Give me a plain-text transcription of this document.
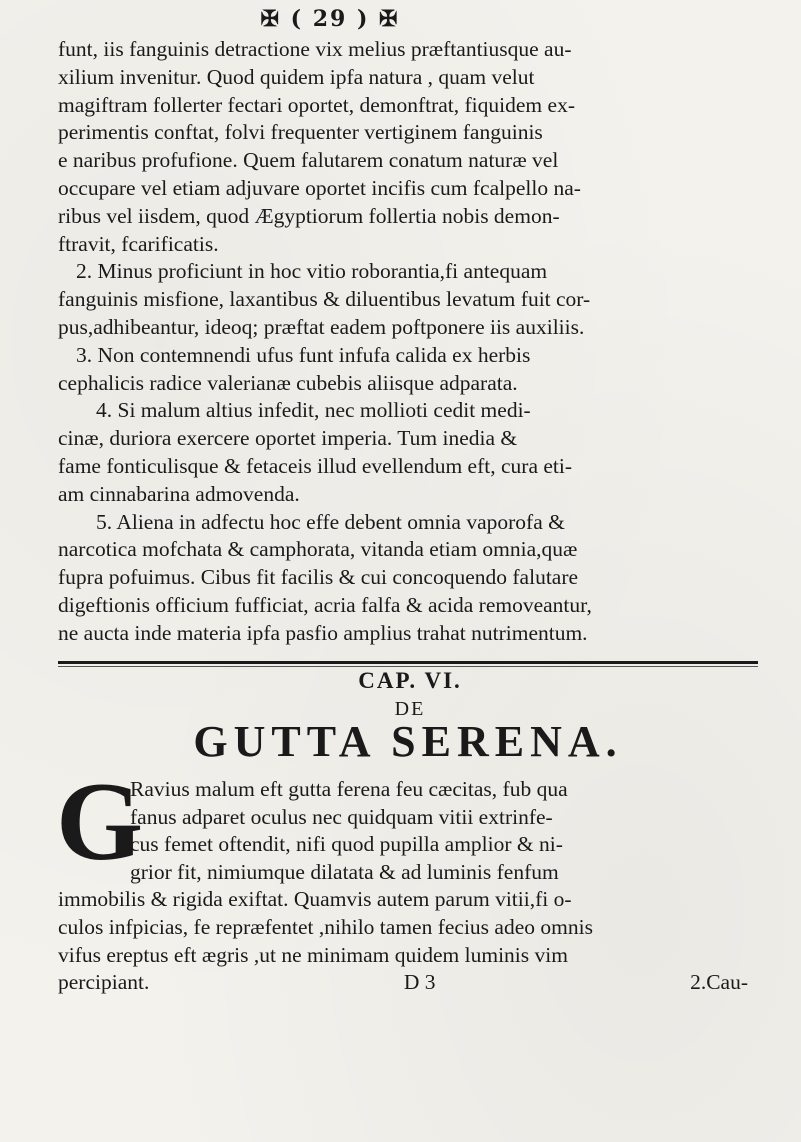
✠ ( 29 ) ✠
funt, iis fanguinis detractione vix melius præftantiusque au-
xilium invenitur. Quod quidem ipfa natura , quam velut
magiftram follerter fectari oportet, demonftrat, fiquidem ex-
perimentis conftat, folvi frequenter vertiginem fanguinis
e naribus profufione. Quem falutarem conatum naturæ vel
occupare vel etiam adjuvare oportet incifis cum fcalpello na-
ribus vel iisdem, quod Ægyptiorum follertia nobis demon-
ftravit, fcarificatis.
2. Minus proficiunt in hoc vitio roborantia,fi antequam
fanguinis misfione, laxantibus & diluentibus levatum fuit cor-
pus,adhibeantur, ideoq; præftat eadem poftponere iis auxiliis.
3. Non contemnendi ufus funt infufa calida ex herbis
cephalicis radice valerianæ cubebis aliisque adparata.
4. Si malum altius infedit, nec mollioti cedit medi-
cinæ, duriora exercere oportet imperia. Tum inedia &
fame fonticulisque & fetaceis illud evellendum eft, cura eti-
am cinnabarina admovenda.
5. Aliena in adfectu hoc effe debent omnia vaporofa &
narcotica mofchata & camphorata, vitanda etiam omnia,quæ
fupra pofuimus. Cibus fit facilis & cui concoquendo falutare
digeftionis officium fufficiat, acria falfa & acida removeantur,
ne aucta inde materia ipfa pasfio amplius trahat nutrimentum.
CAP. VI.
DE
GUTTA SERENA.
G
Ravius malum eft gutta ferena feu cæcitas, fub qua
fanus adparet oculus nec quidquam vitii extrinfe-
cus femet oftendit, nifi quod pupilla amplior & ni-
grior fit, nimiumque dilatata & ad luminis fenfum
immobilis & rigida exiftat. Quamvis autem parum vitii,fi o-
culos infpicias, fe repræfentet ,nihilo tamen fecius adeo omnis
vifus ereptus eft ægris ,ut ne minimam quidem luminis vim
percipiant.	D 3	2.Cau-
